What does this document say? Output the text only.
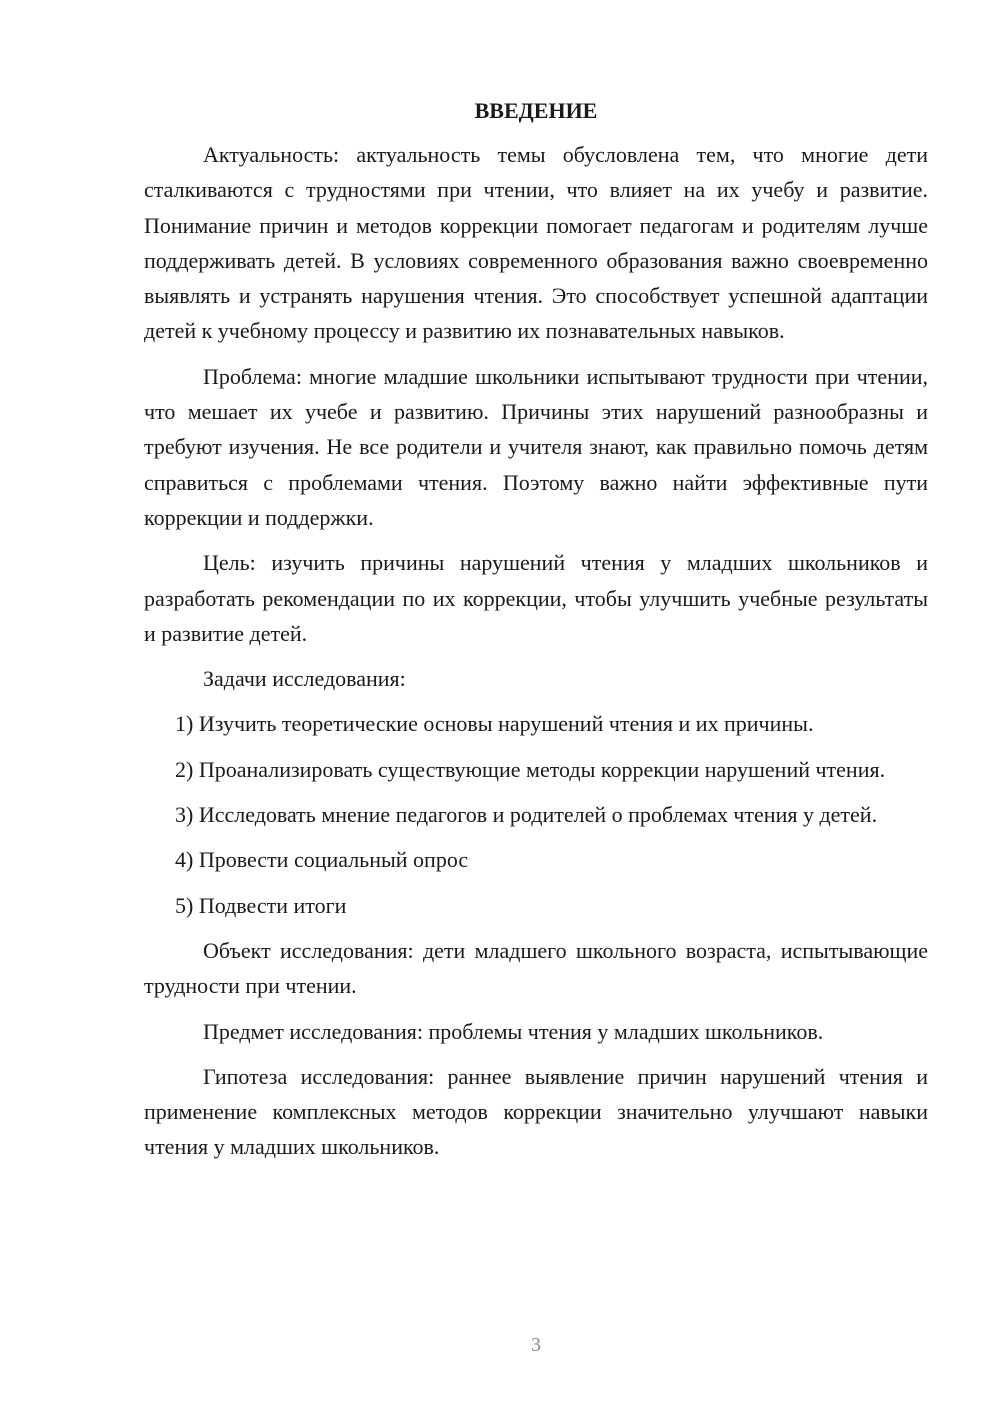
ВВЕДЕНИЕ

Актуальность: актуальность темы обусловлена тем, что многие дети сталкиваются с трудностями при чтении, что влияет на их учебу и развитие. Понимание причин и методов коррекции помогает педагогам и родителям лучше поддерживать детей. В условиях современного образования важно своевременно выявлять и устранять нарушения чтения. Это способствует успешной адаптации детей к учебному процессу и развитию их познавательных навыков.

Проблема: многие младшие школьники испытывают трудности при чтении, что мешает их учебе и развитию. Причины этих нарушений разнообразны и требуют изучения. Не все родители и учителя знают, как правильно помочь детям справиться с проблемами чтения. Поэтому важно найти эффективные пути коррекции и поддержки.

Цель: изучить причины нарушений чтения у младших школьников и разработать рекомендации по их коррекции, чтобы улучшить учебные результаты и развитие детей.

Задачи исследования:

1) Изучить теоретические основы нарушений чтения и их причины.

2) Проанализировать существующие методы коррекции нарушений чтения.

3) Исследовать мнение педагогов и родителей о проблемах чтения у детей.

4) Провести социальный опрос

5) Подвести итоги

Объект исследования: дети младшего школьного возраста, испытывающие трудности при чтении.

Предмет исследования: проблемы чтения у младших школьников.

Гипотеза исследования: раннее выявление причин нарушений чтения и применение комплексных методов коррекции значительно улучшают навыки чтения у младших школьников.

3
